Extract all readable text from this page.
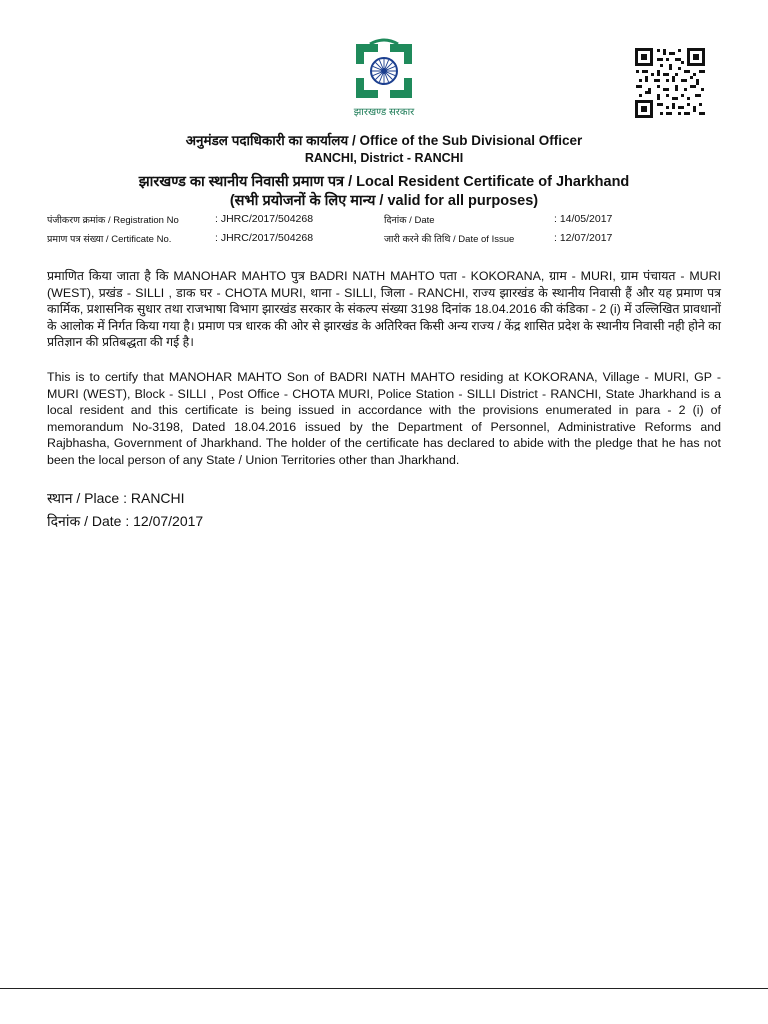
झारखण्ड सरकार
अनुमंडल पदाधिकारी का कार्यालय / Office of the Sub Divisional Officer
RANCHI, District - RANCHI
झारखण्ड का स्थानीय निवासी प्रमाण पत्र / Local Resident Certificate of Jharkhand
(सभी प्रयोजनों के लिए मान्य / valid for all purposes)
पंजीकरण क्रमांक / Registration No	: JHRC/2017/504268	दिनांक / Date	: 14/05/2017
प्रमाण पत्र संख्या / Certificate No.	: JHRC/2017/504268	जारी करने की तिथि / Date of Issue	: 12/07/2017
प्रमाणित किया जाता है कि MANOHAR MAHTO पुत्र BADRI NATH MAHTO पता - KOKORANA, ग्राम - MURI, ग्राम पंचायत - MURI (WEST), प्रखंड - SILLI , डाक घर - CHOTA MURI, थाना - SILLI, जिला - RANCHI, राज्य झारखंड के स्थानीय निवासी हैं और यह प्रमाण पत्र कार्मिक, प्रशासनिक सुधार तथा राजभाषा विभाग झारखंड सरकार के संकल्प संख्या 3198 दिनांक 18.04.2016 की कंडिका - 2 (i) में उल्लिखित प्रावधानों के आलोक में निर्गत किया गया है। प्रमाण पत्र धारक की ओर से झारखंड के अतिरिक्त किसी अन्य राज्य / केंद्र शासित प्रदेश के स्थानीय निवासी नही होने का प्रतिज्ञान की प्रतिबद्धता की गई है।
This is to certify that MANOHAR MAHTO Son of BADRI NATH MAHTO residing at KOKORANA, Village - MURI, GP - MURI (WEST), Block - SILLI , Post Office - CHOTA MURI, Police Station - SILLI District - RANCHI, State Jharkhand is a local resident and this certificate is being issued in accordance with the provisions enumerated in para - 2 (i) of memorandum No-3198, Dated 18.04.2016 issued by the Department of Personnel, Administrative Reforms and Rajbhasha, Government of Jharkhand. The holder of the certificate has declared to abide with the pledge that he has not been the local person of any State / Union Territories other than Jharkhand.
स्थान / Place : RANCHI
दिनांक / Date : 12/07/2017
